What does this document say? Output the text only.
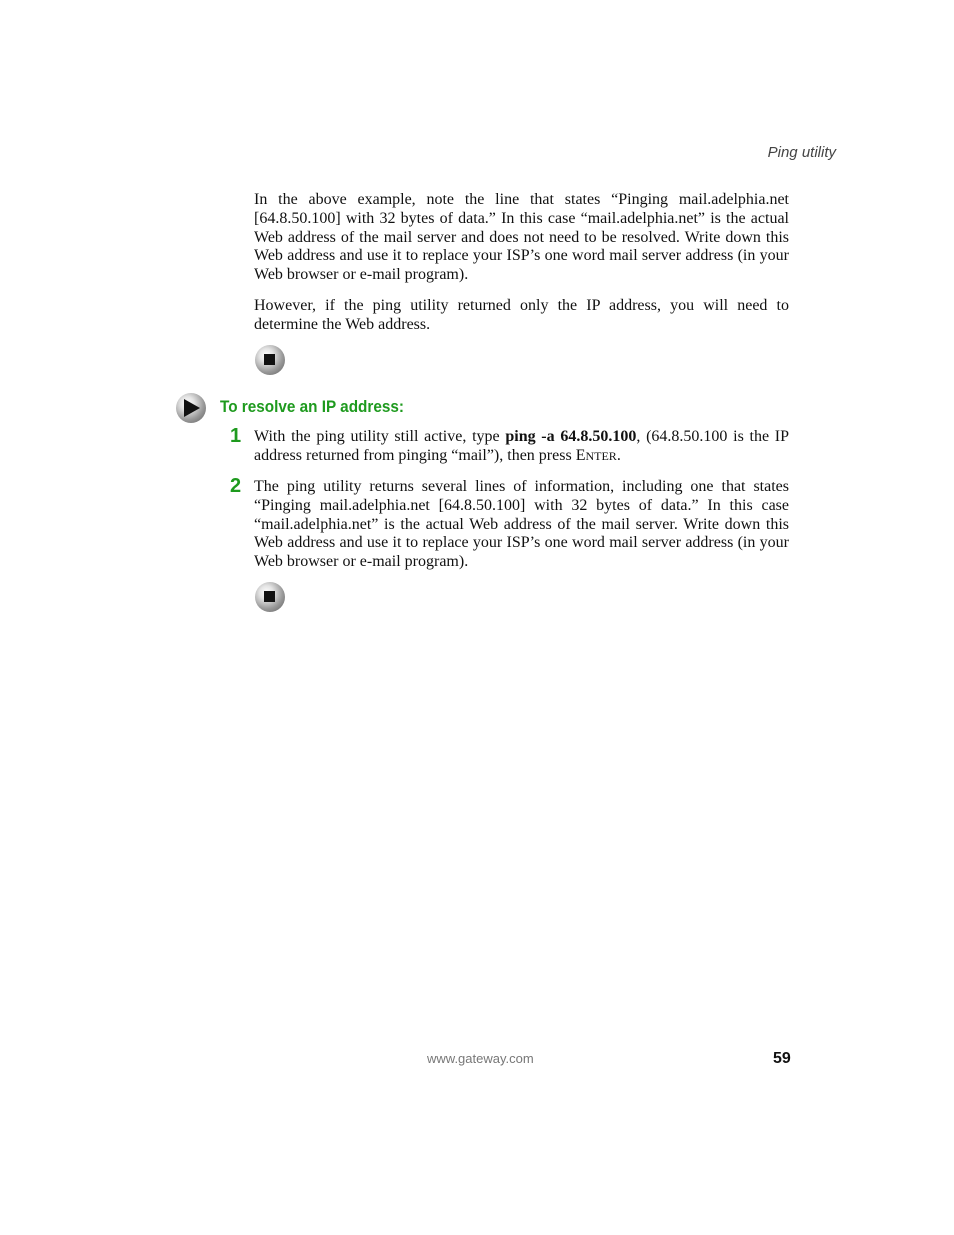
Ping utility

In the above example, note the line that states “Pinging mail.adelphia.net [64.8.50.100] with 32 bytes of data.” In this case “mail.adelphia.net” is the actual Web address of the mail server and does not need to be resolved. Write down this Web address and use it to replace your ISP’s one word mail server address (in your Web browser or e-mail program).

However, if the ping utility returned only the IP address, you will need to determine the Web address.

To resolve an IP address:
1 With the ping utility still active, type ping -a 64.8.50.100, (64.8.50.100 is the IP address returned from pinging “mail”), then press ENTER.

2 The ping utility returns several lines of information, including one that states “Pinging mail.adelphia.net [64.8.50.100] with 32 bytes of data.” In this case “mail.adelphia.net” is the actual Web address of the mail server. Write down this Web address and use it to replace your ISP’s one word mail server address (in your Web browser or e-mail program).

www.gateway.com	59
